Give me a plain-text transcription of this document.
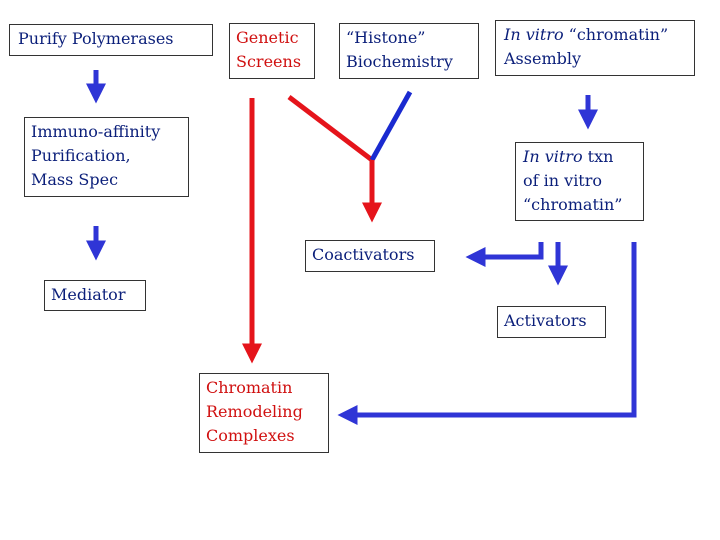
Purify Polymerases	Genetic
Screens
“Histone”
Biochemistry
In vitro “chromatin”
Assembly
Immuno-affinity
Purification,
Mass Spec
In vitro txn
of in vitro
“chromatin”
Coactivators
Mediator
Activators
Chromatin
Remodeling
Complexes
